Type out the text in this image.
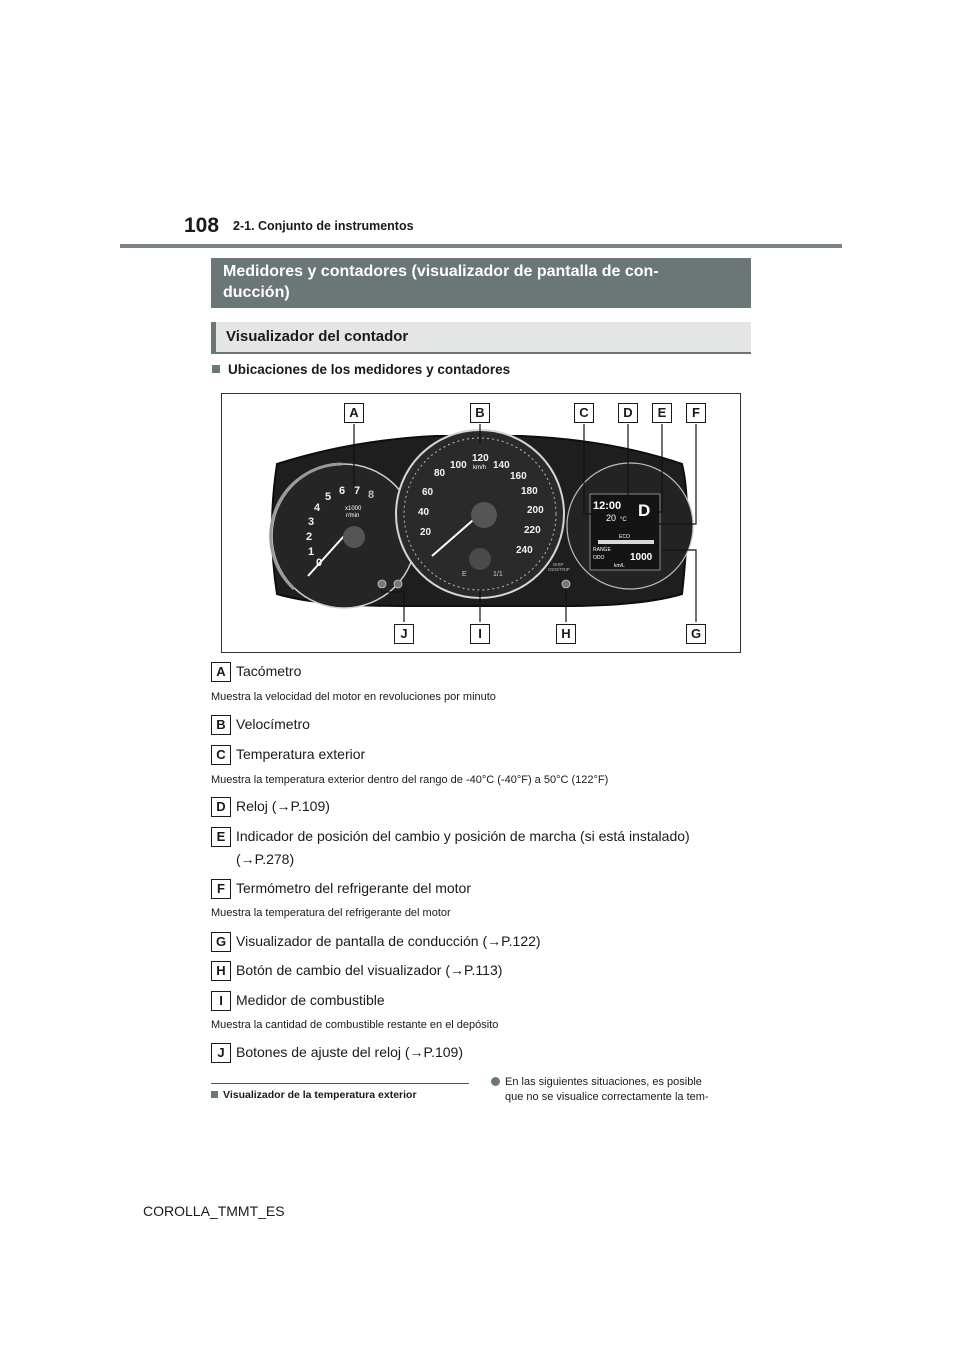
108 2-1. Conjunto de instrumentos
Medidores y contadores (visualizador de pantalla de con-
ducción)
Visualizador del contador
Ubicaciones de los medidores y contadores
0
1
2
3
4
5 6 7 8
x1000
r/min
20
40
60
80
100
120
140
160
180
200
220
240
km/h
E	1/1
12:00
20 °C D
ECO
RANGE
ODO	1000
km/L
DISP
ODO/TRIP
A	B	C	D	E	F
J	I	H	G
A Tacómetro
Muestra la velocidad del motor en revoluciones por minuto
B Velocímetro
C Temperatura exterior
Muestra la temperatura exterior dentro del rango de -40°C (-40°F) a 50°C (122°F)
D Reloj (→P.109)
E Indicador de posición del cambio y posición de marcha (si está instalado)
(→P.278)
F Termómetro del refrigerante del motor
Muestra la temperatura del refrigerante del motor
G Visualizador de pantalla de conducción (→P.122)
H Botón de cambio del visualizador (→P.113)
I Medidor de combustible
Muestra la cantidad de combustible restante en el depósito
J Botones de ajuste del reloj (→P.109)
Visualizador de la temperatura exterior
En las siguientes situaciones, es posible
que no se visualice correctamente la tem-
COROLLA_TMMT_ES
